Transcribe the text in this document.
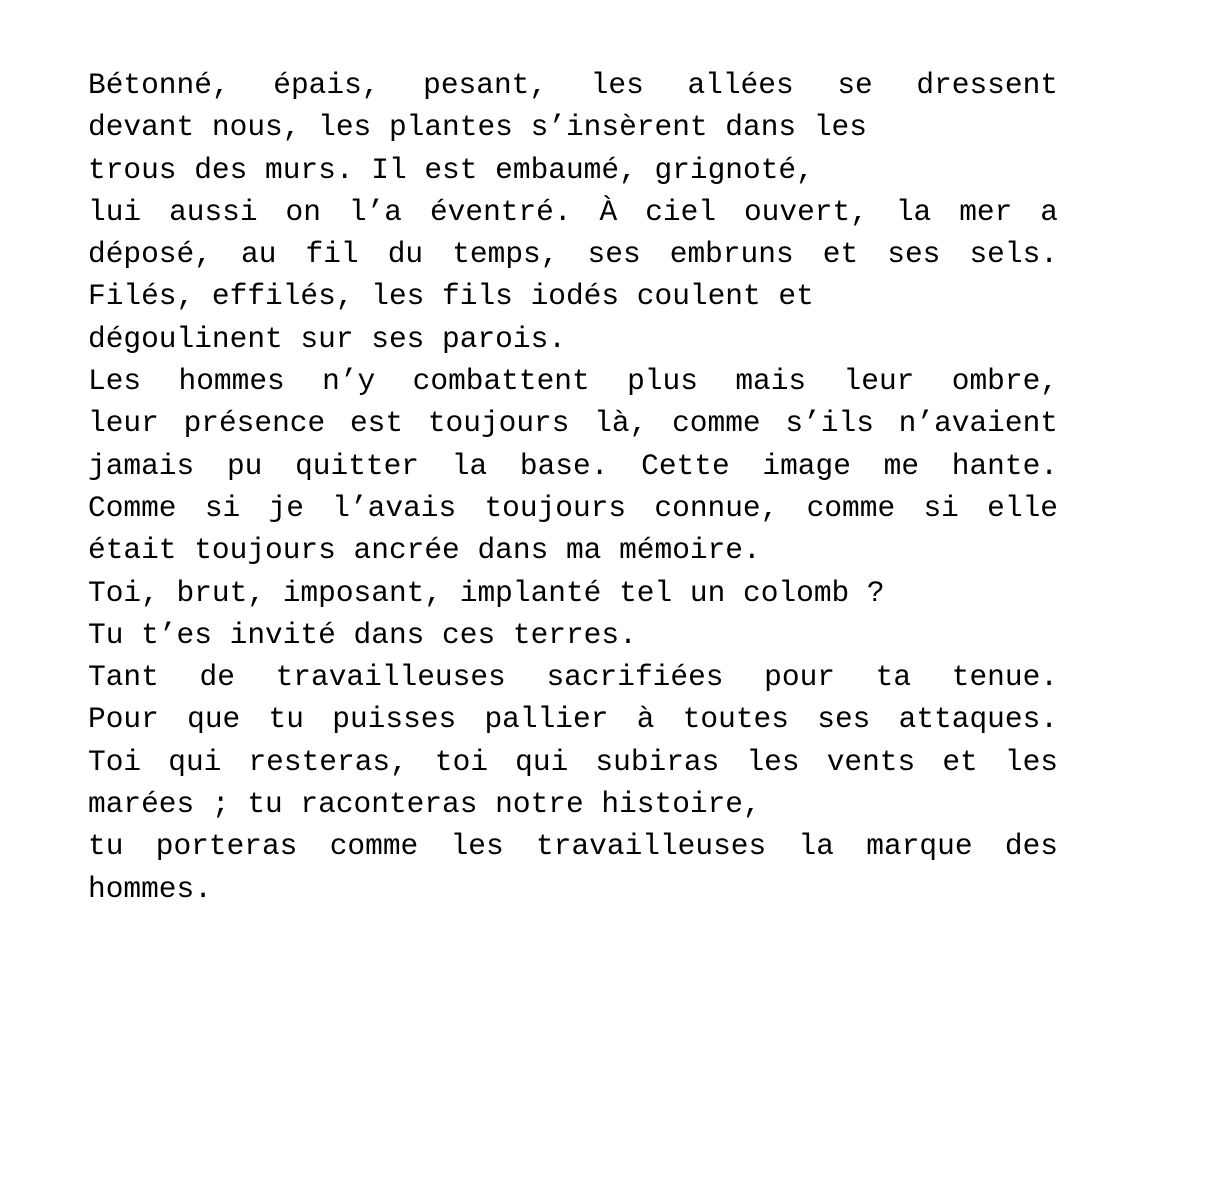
Bétonné, épais, pesant, les allées se dressent
devant nous, les plantes s’insèrent dans les
trous des murs. Il est embaumé, grignoté,
lui aussi on l’a éventré. À ciel ouvert, la mer a
déposé, au fil du temps, ses embruns et ses sels.
Filés, effilés, les fils iodés coulent et
dégoulinent sur ses parois.
Les hommes n’y combattent plus mais leur ombre,
leur présence est toujours là, comme s’ils n’avaient
jamais pu quitter la base. Cette image me hante.
Comme si je l’avais toujours connue, comme si elle
était toujours ancrée dans ma mémoire.
Toi, brut, imposant, implanté tel un colomb ?
Tu t’es invité dans ces terres.
Tant de travailleuses sacrifiées pour ta tenue.
Pour que tu puisses pallier à toutes ses attaques.
Toi qui resteras, toi qui subiras les vents et les
marées ; tu raconteras notre histoire,
tu porteras comme les travailleuses la marque des
hommes.
